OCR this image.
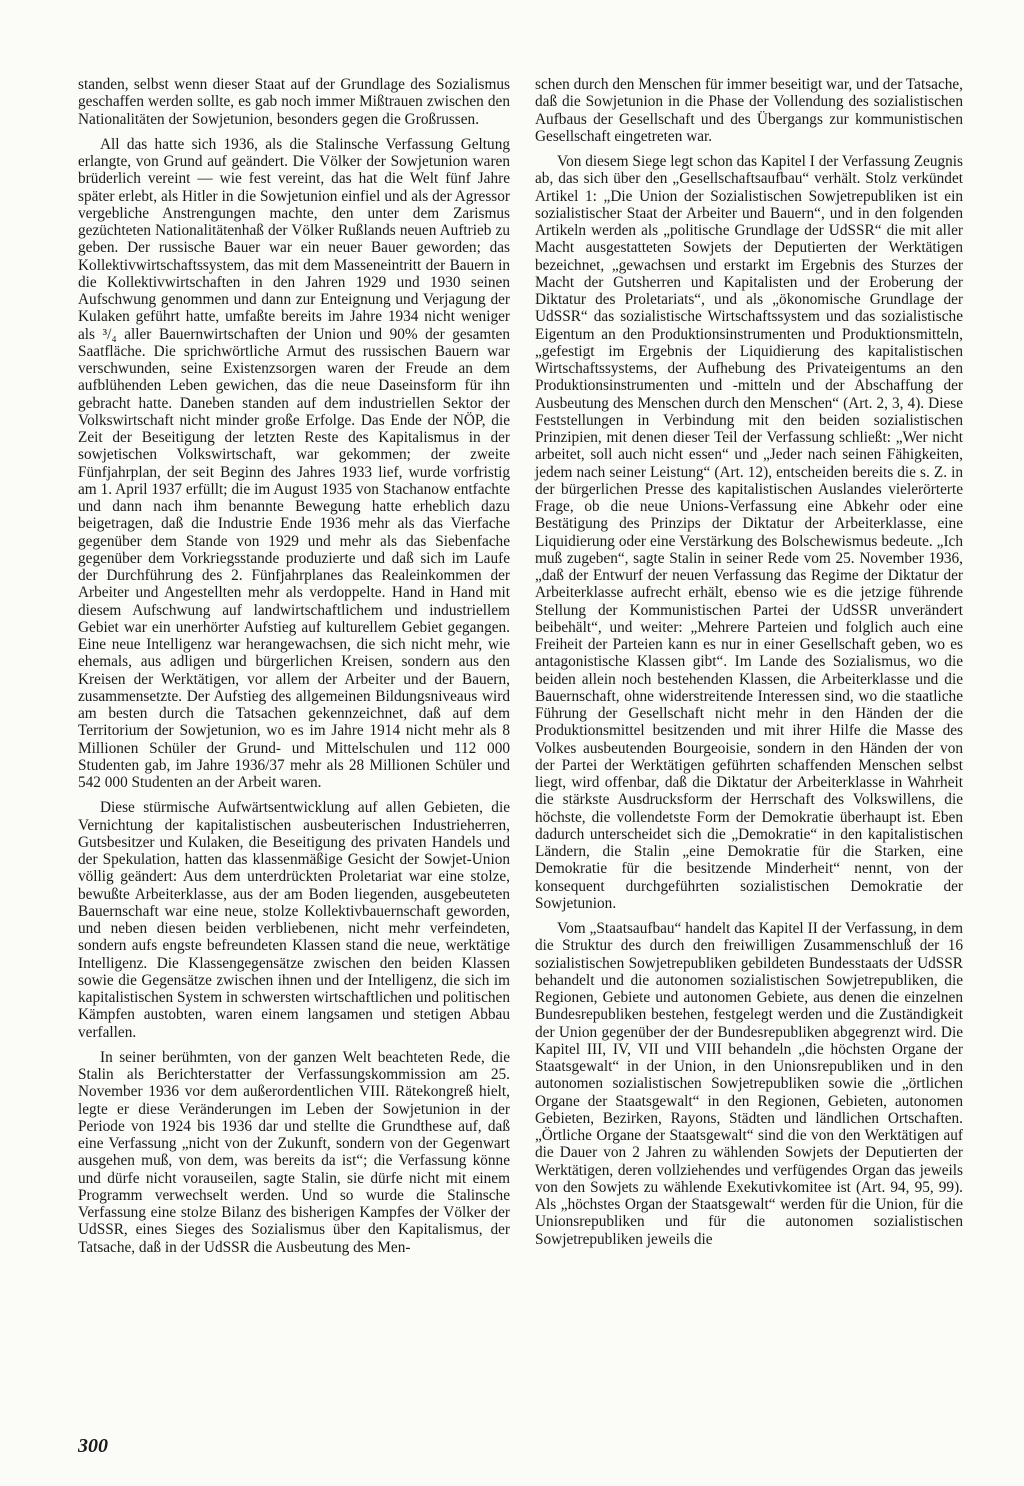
standen, selbst wenn dieser Staat auf der Grundlage des Sozialismus geschaffen werden sollte, es gab noch immer Mißtrauen zwischen den Nationalitäten der Sowjetunion, besonders gegen die Großrussen.

All das hatte sich 1936, als die Stalinsche Verfassung Geltung erlangte, von Grund auf geändert. Die Völker der Sowjetunion waren brüderlich vereint — wie fest vereint, das hat die Welt fünf Jahre später erlebt, als Hitler in die Sowjetunion einfiel und als der Agressor vergebliche Anstrengungen machte, den unter dem Zarismus gezüchteten Nationalitätenhaß der Völker Rußlands neuen Auftrieb zu geben. Der russische Bauer war ein neuer Bauer geworden; das Kollektivwirtschaftssystem, das mit dem Masseneintritt der Bauern in die Kollektivwirtschaften in den Jahren 1929 und 1930 seinen Aufschwung genommen und dann zur Enteignung und Verjagung der Kulaken geführt hatte, umfaßte bereits im Jahre 1934 nicht weniger als ³/₄ aller Bauernwirtschaften der Union und 90% der gesamten Saatfläche. Die sprichwörtliche Armut des russischen Bauern war verschwunden, seine Existenzsorgen waren der Freude an dem aufblühenden Leben gewichen, das die neue Daseinsform für ihn gebracht hatte. Daneben standen auf dem industriellen Sektor der Volkswirtschaft nicht minder große Erfolge. Das Ende der NÖP, die Zeit der Beseitigung der letzten Reste des Kapitalismus in der sowjetischen Volkswirtschaft, war gekommen; der zweite Fünfjahrplan, der seit Beginn des Jahres 1933 lief, wurde vorfristig am 1. April 1937 erfüllt; die im August 1935 von Stachanow entfachte und dann nach ihm benannte Bewegung hatte erheblich dazu beigetragen, daß die Industrie Ende 1936 mehr als das Vierfache gegenüber dem Stande von 1929 und mehr als das Siebenfache gegenüber dem Vorkriegsstande produzierte und daß sich im Laufe der Durchführung des 2. Fünfjahrplanes das Realeinkommen der Arbeiter und Angestellten mehr als verdoppelte. Hand in Hand mit diesem Aufschwung auf landwirtschaftlichem und industriellem Gebiet war ein unerhörter Aufstieg auf kulturellem Gebiet gegangen. Eine neue Intelligenz war herangewachsen, die sich nicht mehr, wie ehemals, aus adligen und bürgerlichen Kreisen, sondern aus den Kreisen der Werktätigen, vor allem der Arbeiter und der Bauern, zusammensetzte. Der Aufstieg des allgemeinen Bildungsniveaus wird am besten durch die Tatsachen gekennzeichnet, daß auf dem Territorium der Sowjetunion, wo es im Jahre 1914 nicht mehr als 8 Millionen Schüler der Grund- und Mittelschulen und 112 000 Studenten gab, im Jahre 1936/37 mehr als 28 Millionen Schüler und 542 000 Studenten an der Arbeit waren.

Diese stürmische Aufwärtsentwicklung auf allen Gebieten, die Vernichtung der kapitalistischen ausbeuterischen Industrieherren, Gutsbesitzer und Kulaken, die Beseitigung des privaten Handels und der Spekulation, hatten das klassenmäßige Gesicht der Sowjet-Union völlig geändert: Aus dem unterdrückten Proletariat war eine stolze, bewußte Arbeiterklasse, aus der am Boden liegenden, ausgebeuteten Bauernschaft war eine neue, stolze Kollektivbauernschaft geworden, und neben diesen beiden verbliebenen, nicht mehr verfeindeten, sondern aufs engste befreundeten Klassen stand die neue, werktätige Intelligenz. Die Klassengegensätze zwischen den beiden Klassen sowie die Gegensätze zwischen ihnen und der Intelligenz, die sich im kapitalistischen System in schwersten wirtschaftlichen und politischen Kämpfen austobten, waren einem langsamen und stetigen Abbau verfallen.

In seiner berühmten, von der ganzen Welt beachteten Rede, die Stalin als Berichterstatter der Verfassungskommission am 25. November 1936 vor dem außerordentlichen VIII. Rätekongreß hielt, legte er diese Veränderungen im Leben der Sowjetunion in der Periode von 1924 bis 1936 dar und stellte die Grundthese auf, daß eine Verfassung „nicht von der Zukunft, sondern von der Gegenwart ausgehen muß, von dem, was bereits da ist“; die Verfassung könne und dürfe nicht vorauseilen, sagte Stalin, sie dürfe nicht mit einem Programm verwechselt werden. Und so wurde die Stalinsche Verfassung eine stolze Bilanz des bisherigen Kampfes der Völker der UdSSR, eines Sieges des Sozialismus über den Kapitalismus, der Tatsache, daß in der UdSSR die Ausbeutung des Men-

schen durch den Menschen für immer beseitigt war, und der Tatsache, daß die Sowjetunion in die Phase der Vollendung des sozialistischen Aufbaus der Gesellschaft und des Übergangs zur kommunistischen Gesellschaft eingetreten war.

Von diesem Siege legt schon das Kapitel I der Verfassung Zeugnis ab, das sich über den „Gesellschaftsaufbau“ verhält. Stolz verkündet Artikel 1: „Die Union der Sozialistischen Sowjetrepubliken ist ein sozialistischer Staat der Arbeiter und Bauern“, und in den folgenden Artikeln werden als „politische Grundlage der UdSSR“ die mit aller Macht ausgestatteten Sowjets der Deputierten der Werktätigen bezeichnet, „gewachsen und erstarkt im Ergebnis des Sturzes der Macht der Gutsherren und Kapitalisten und der Eroberung der Diktatur des Proletariats“, und als „ökonomische Grundlage der UdSSR“ das sozialistische Wirtschaftssystem und das sozialistische Eigentum an den Produktionsinstrumenten und Produktionsmitteln, „gefestigt im Ergebnis der Liquidierung des kapitalistischen Wirtschaftssystems, der Aufhebung des Privateigentums an den Produktionsinstrumenten und -mitteln und der Abschaffung der Ausbeutung des Menschen durch den Menschen“ (Art. 2, 3, 4). Diese Feststellungen in Verbindung mit den beiden sozialistischen Prinzipien, mit denen dieser Teil der Verfassung schließt: „Wer nicht arbeitet, soll auch nicht essen“ und „Jeder nach seinen Fähigkeiten, jedem nach seiner Leistung“ (Art. 12), entscheiden bereits die s. Z. in der bürgerlichen Presse des kapitalistischen Auslandes vielerörterte Frage, ob die neue Unions-Verfassung eine Abkehr oder eine Bestätigung des Prinzips der Diktatur der Arbeiterklasse, eine Liquidierung oder eine Verstärkung des Bolschewismus bedeute. „Ich muß zugeben“, sagte Stalin in seiner Rede vom 25. November 1936, „daß der Entwurf der neuen Verfassung das Regime der Diktatur der Arbeiterklasse aufrecht erhält, ebenso wie es die jetzige führende Stellung der Kommunistischen Partei der UdSSR unverändert beibehält“, und weiter: „Mehrere Parteien und folglich auch eine Freiheit der Parteien kann es nur in einer Gesellschaft geben, wo es antagonistische Klassen gibt“. Im Lande des Sozialismus, wo die beiden allein noch bestehenden Klassen, die Arbeiterklasse und die Bauernschaft, ohne widerstreitende Interessen sind, wo die staatliche Führung der Gesellschaft nicht mehr in den Händen der die Produktionsmittel besitzenden und mit ihrer Hilfe die Masse des Volkes ausbeutenden Bourgeoisie, sondern in den Händen der von der Partei der Werktätigen geführten schaffenden Menschen selbst liegt, wird offenbar, daß die Diktatur der Arbeiterklasse in Wahrheit die stärkste Ausdrucksform der Herrschaft des Volkswillens, die höchste, die vollendetste Form der Demokratie überhaupt ist. Eben dadurch unterscheidet sich die „Demokratie“ in den kapitalistischen Ländern, die Stalin „eine Demokratie für die Starken, eine Demokratie für die besitzende Minderheit“ nennt, von der konsequent durchgeführten sozialistischen Demokratie der Sowjetunion.

Vom „Staatsaufbau“ handelt das Kapitel II der Verfassung, in dem die Struktur des durch den freiwilligen Zusammenschluß der 16 sozialistischen Sowjetrepubliken gebildeten Bundesstaats der UdSSR behandelt und die autonomen sozialistischen Sowjetrepubliken, die Regionen, Gebiete und autonomen Gebiete, aus denen die einzelnen Bundesrepubliken bestehen, festgelegt werden und die Zuständigkeit der Union gegenüber der der Bundesrepubliken abgegrenzt wird. Die Kapitel III, IV, VII und VIII behandeln „die höchsten Organe der Staatsgewalt“ in der Union, in den Unionsrepubliken und in den autonomen sozialistischen Sowjetrepubliken sowie die „örtlichen Organe der Staatsgewalt“ in den Regionen, Gebieten, autonomen Gebieten, Bezirken, Rayons, Städten und ländlichen Ortschaften. „Örtliche Organe der Staatsgewalt“ sind die von den Werktätigen auf die Dauer von 2 Jahren zu wählenden Sowjets der Deputierten der Werktätigen, deren vollziehendes und verfügendes Organ das jeweils von den Sowjets zu wählende Exekutivkomitee ist (Art. 94, 95, 99). Als „höchstes Organ der Staatsgewalt“ werden für die Union, für die Unionsrepubliken und für die autonomen sozialistischen Sowjetrepubliken jeweils die

300
